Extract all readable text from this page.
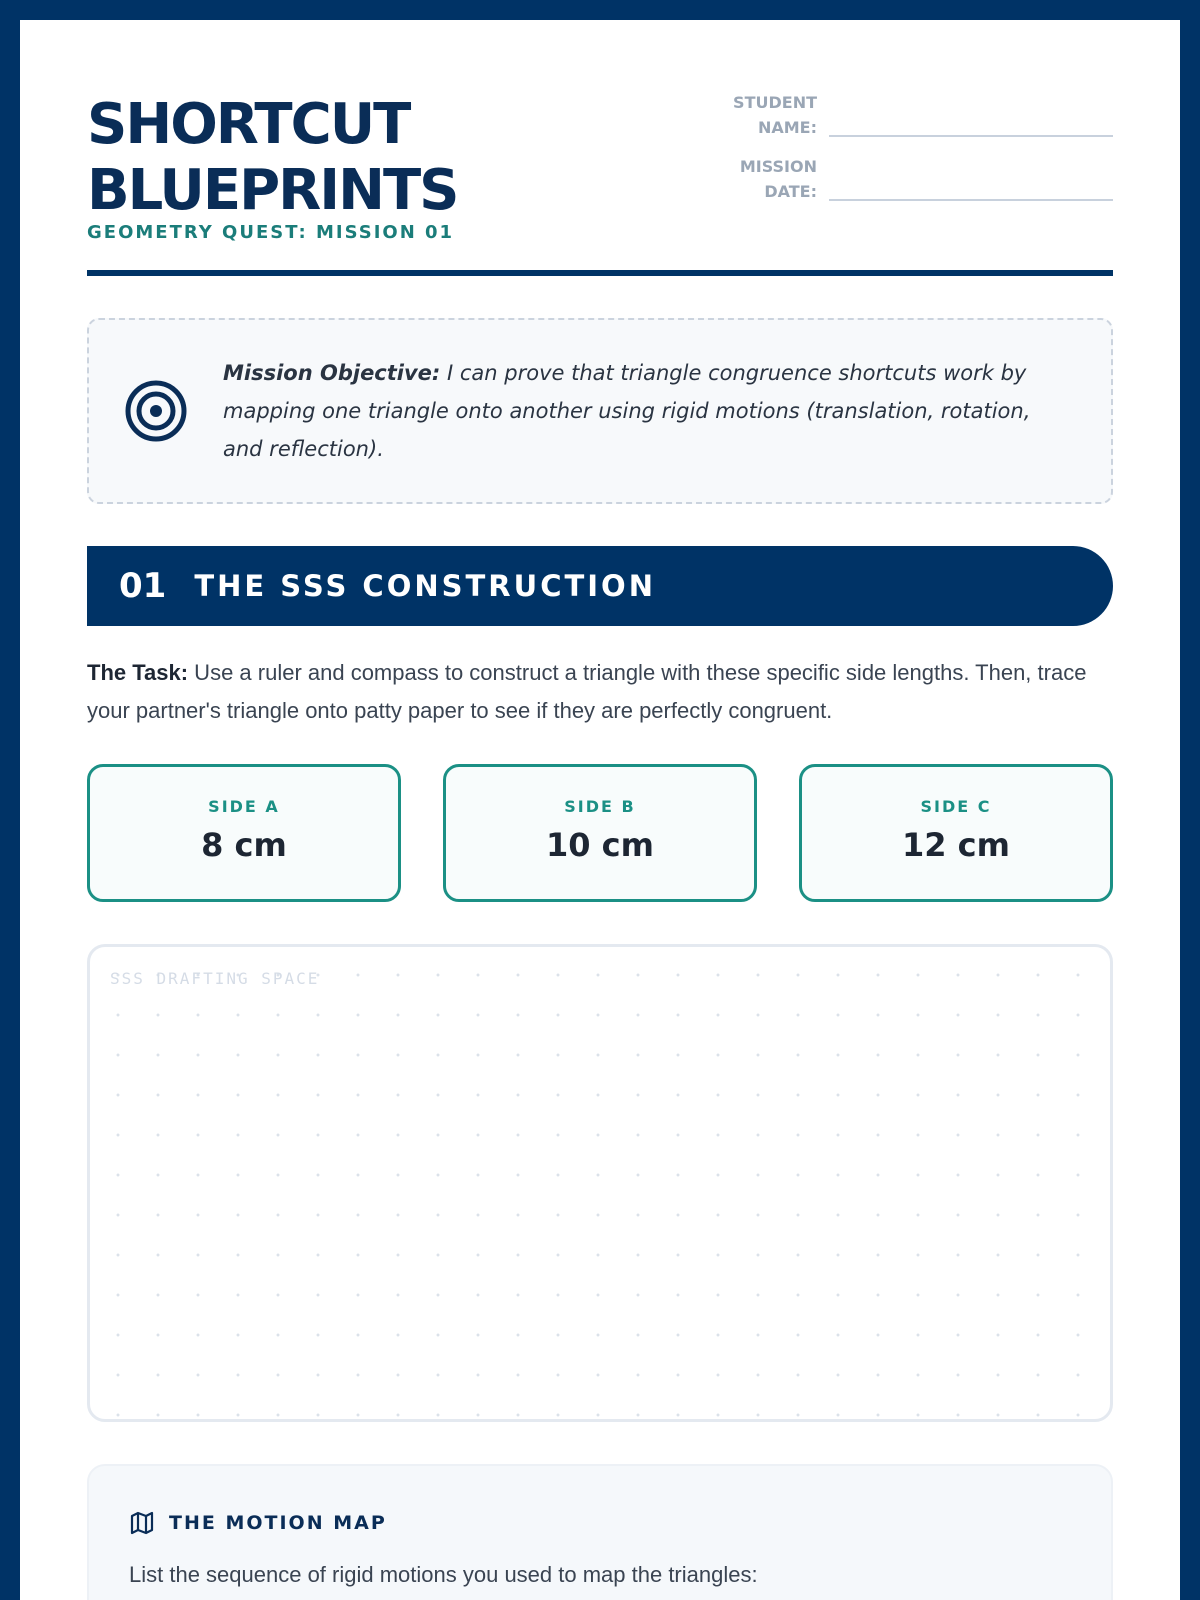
SHORTCUT
BLUEPRINTS
GEOMETRY QUEST: MISSION 01
STUDENT
NAME:
MISSION
DATE:
Mission Objective: I can prove that triangle congruence shortcuts work by mapping one triangle onto another using rigid motions (translation, rotation, and reflection).
01 THE SSS CONSTRUCTION
The Task: Use a ruler and compass to construct a triangle with these specific side lengths. Then, trace your partner's triangle onto patty paper to see if they are perfectly congruent.
SIDE A
8 cm
SIDE B
10 cm
SIDE C
12 cm
SSS DRAFTING SPACE
THE MOTION MAP
List the sequence of rigid motions you used to map the triangles:
